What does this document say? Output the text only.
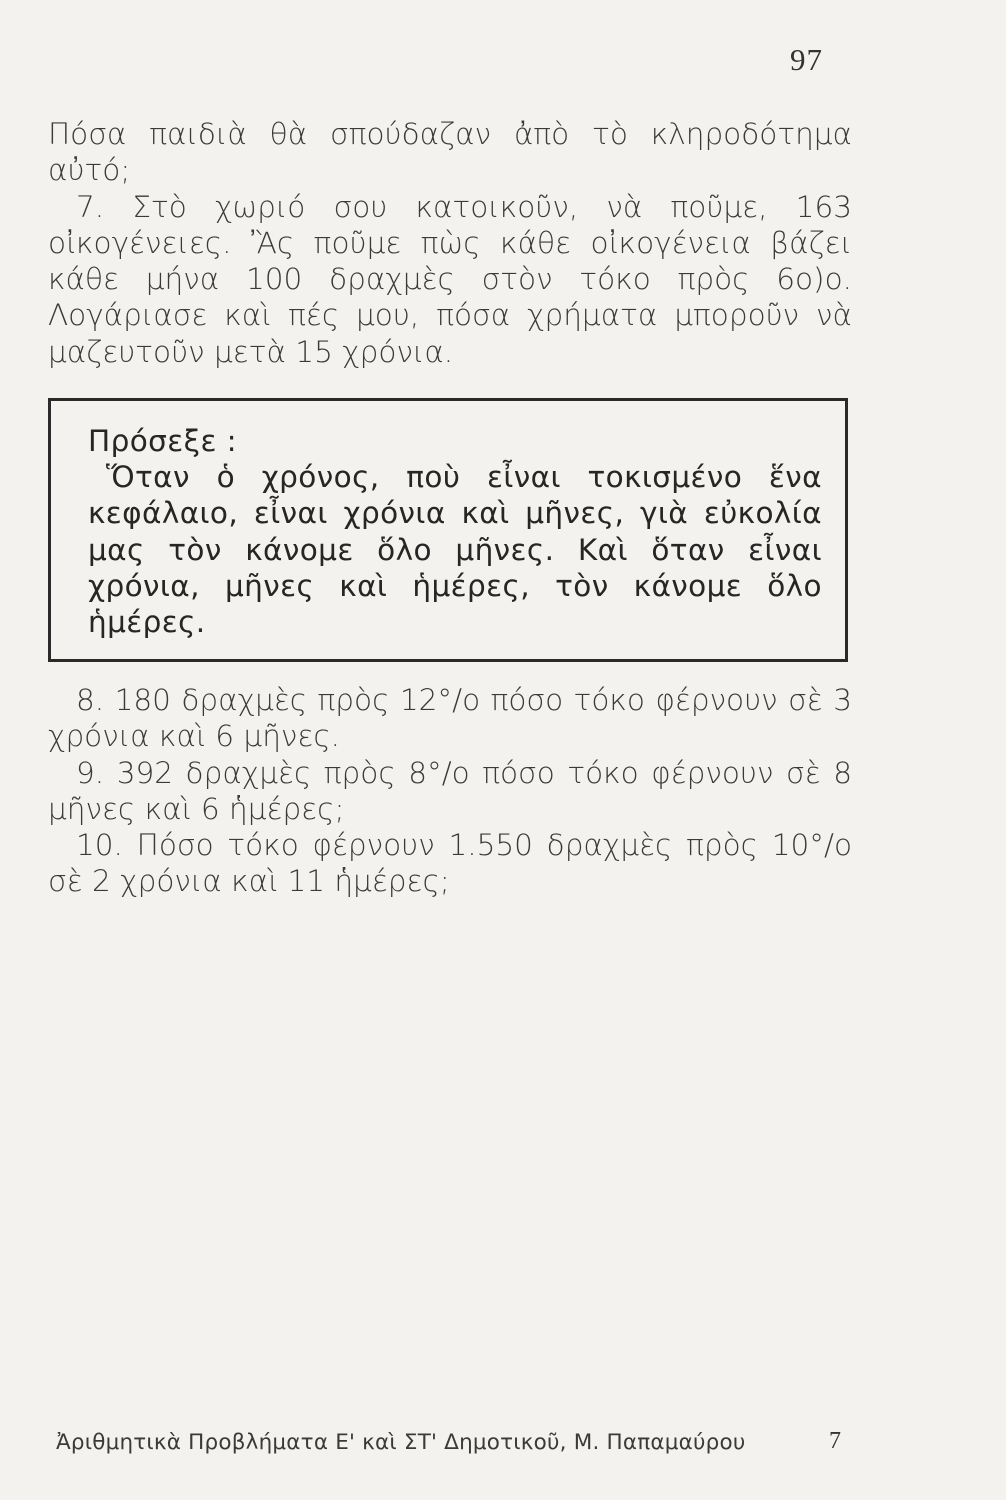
97

Πόσα παιδιὰ θὰ σπούδαζαν ἀπὸ τὸ κληροδότημα αὐτό;

7. Στὸ χωριό σου κατοικοῦν, νὰ ποῦμε, 163 οἰκογένειες. Ἂς ποῦμε πὼς κάθε οἰκογένεια βάζει κάθε μήνα 100 δραχμὲς στὸν τόκο πρὸς 6ο)ο. Λογάριασε καὶ πές μου, πόσα χρήματα μποροῦν νὰ μαζευτοῦν μετὰ 15 χρόνια.

Πρόσεξε :

Ὅταν ὁ χρόνος, ποὺ εἶναι τοκισμένο ἕνα κεφάλαιο, εἶναι χρόνια καὶ μῆνες, γιὰ εὐκολία μας τὸν κάνομε ὅλο μῆνες. Καὶ ὅταν εἶναι χρόνια, μῆνες καὶ ἡμέρες, τὸν κάνομε ὅλο ἡμέρες.

8. 180 δραχμὲς πρὸς 12°/ο πόσο τόκο φέρνουν σὲ 3 χρόνια καὶ 6 μῆνες.

9. 392 δραχμὲς πρὸς 8°/ο πόσο τόκο φέρνουν σὲ 8 μῆνες καὶ 6 ἡμέρες;

10. Πόσο τόκο φέρνουν 1.550 δραχμὲς πρὸς 10°/ο σὲ 2 χρόνια καὶ 11 ἡμέρες;

Ἀριθμητικὰ Προβλήματα Ε' καὶ ΣΤ' Δημοτικοῦ, Μ. Παπαμαύρου	7
